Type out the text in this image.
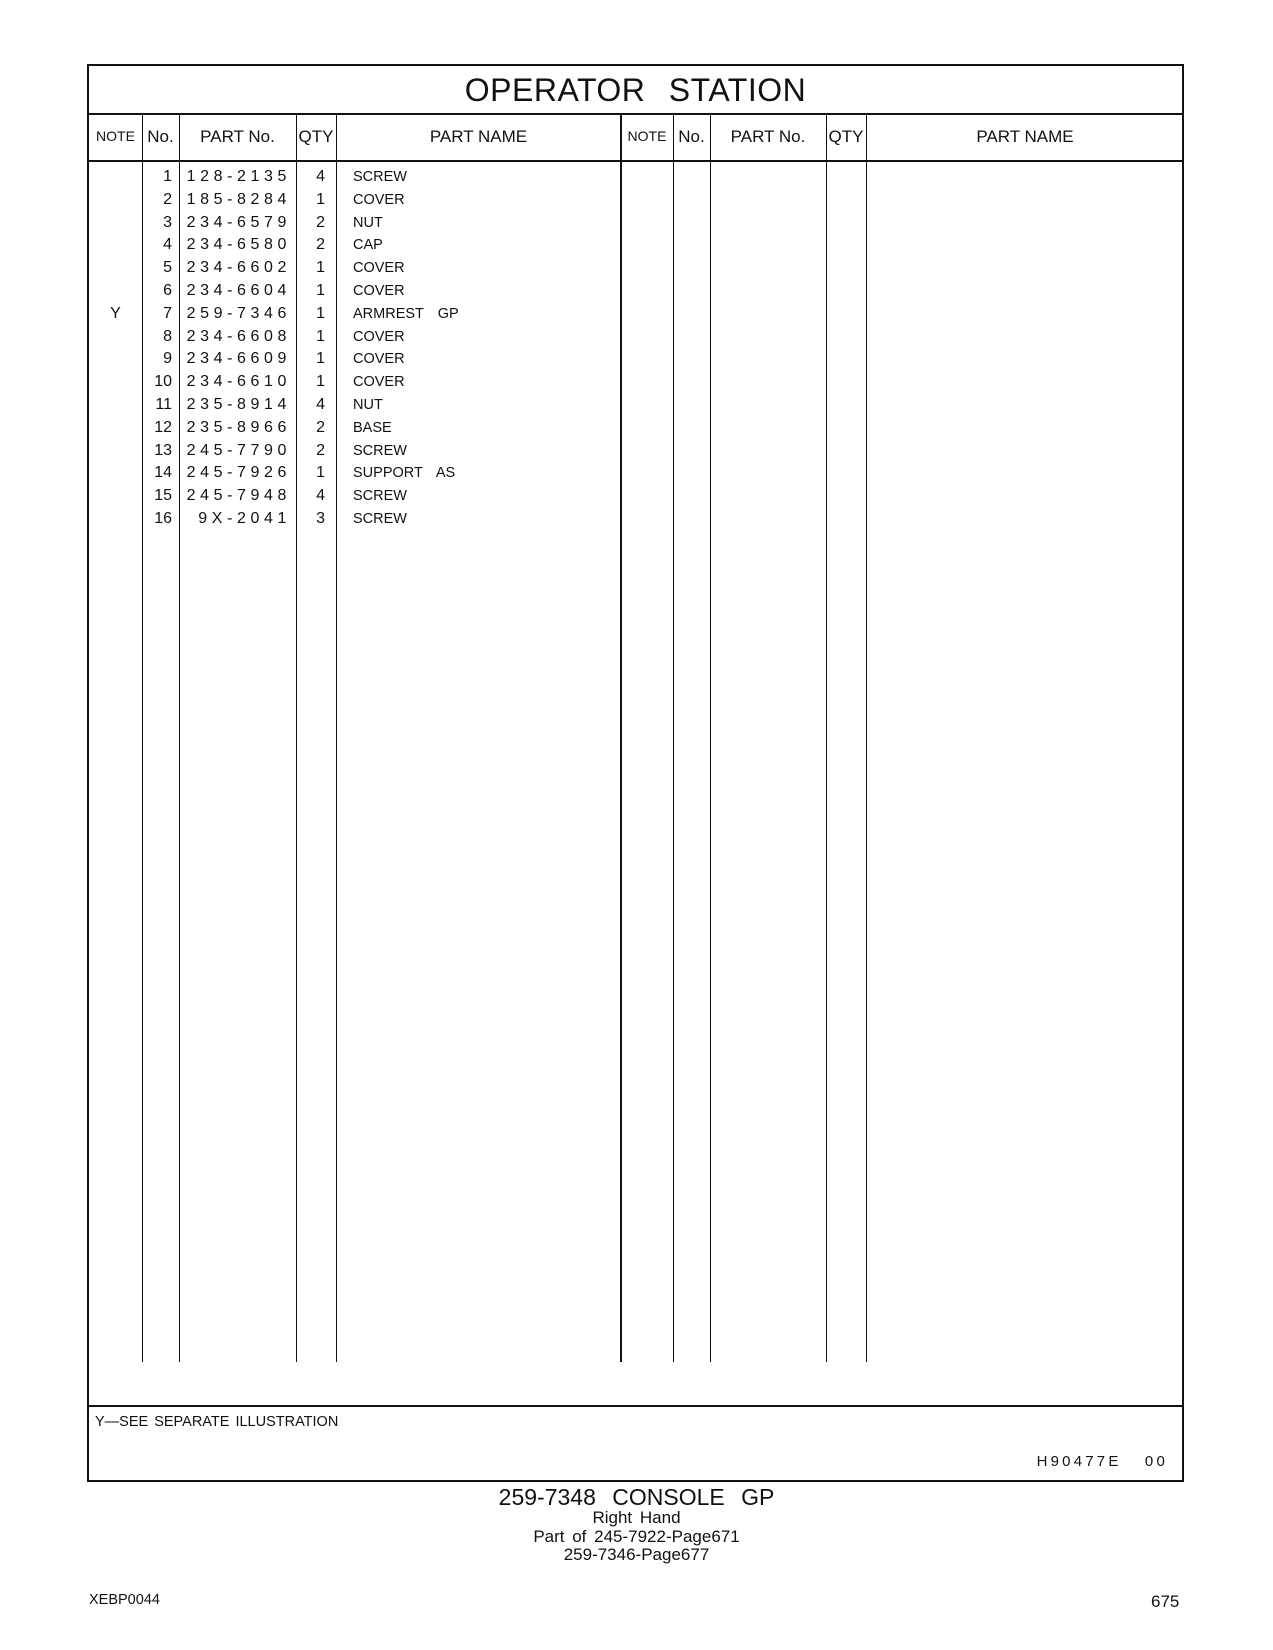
OPERATOR STATION
NOTE No.	PART No.	QTY	PART NAME	NOTE No.	PART No.	QTY	PART NAME
1 128-2135	4 SCREW
2 185-8284	1 COVER
3 234-6579	2 NUT
4 234-6580	2 CAP
5 234-6602	1 COVER
6 234-6604	1 COVER
Y	7 259-7346	1 ARMREST  GP
8 234-6608	1 COVER
9 234-6609	1 COVER
10 234-6610	1 COVER
11 235-8914	4 NUT
12 235-8966	2 BASE
13 245-7790	2 SCREW
14 245-7926	1 SUPPORT  AS
15 245-7948	4 SCREW
16	9X-2041	3 SCREW
Y—SEE SEPARATE ILLUSTRATION
H90477E 00
259-7348 CONSOLE GP
Right Hand
Part of 245-7922-Page671
259-7346-Page677
XEBP0044	675
